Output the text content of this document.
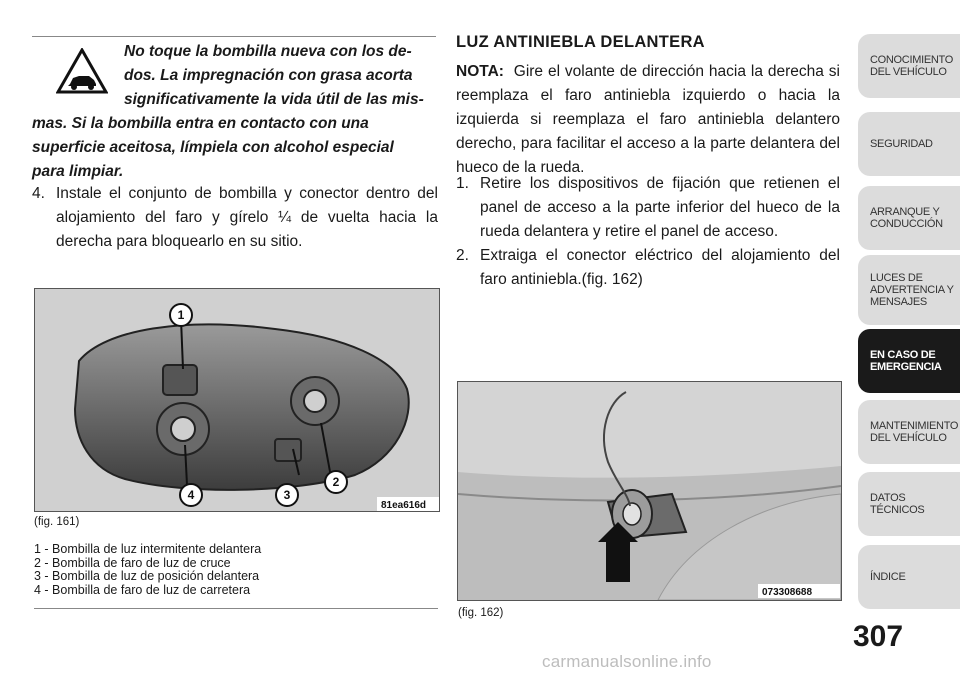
No toque la bombilla nueva con los de-
dos. La impregnación con grasa acorta
significativamente la vida útil de las mis-
mas. Si la bombilla entra en contacto con una
superficie aceitosa, límpiela con alcohol especial
para limpiar.
4. Instale el conjunto de bombilla y conector dentro del alojamiento del faro y gírelo ¼ de vuelta hacia la derecha para bloquearlo en su sitio.
1
2
3
4
81ea616d
(fig. 161)
1 - Bombilla de luz intermitente delantera
2 - Bombilla de faro de luz de cruce
3 - Bombilla de luz de posición delantera
4 - Bombilla de faro de luz de carretera
LUZ ANTINIEBLA DELANTERA
NOTA: Gire el volante de dirección hacia la derecha si reemplaza el faro antiniebla izquierdo o hacia la izquierda si reemplaza el faro antiniebla delantero derecho, para facilitar el acceso a la parte delantera del hueco de la rueda.
1. Retire los dispositivos de fijación que retienen el panel de acceso a la parte inferior del hueco de la rueda delantera y retire el panel de acceso.
2. Extraiga el conector eléctrico del alojamiento del faro antiniebla.(fig. 162)
073308688
(fig. 162)
CONOCIMIENTO
DEL VEHÍCULO
SEGURIDAD
ARRANQUE Y
CONDUCCIÓN
LUCES DE
ADVERTENCIA Y
MENSAJES
EN CASO DE
EMERGENCIA
MANTENIMIENTO
DEL VEHÍCULO
DATOS
TÉCNICOS
ÍNDICE
307
carmanualsonline.info
